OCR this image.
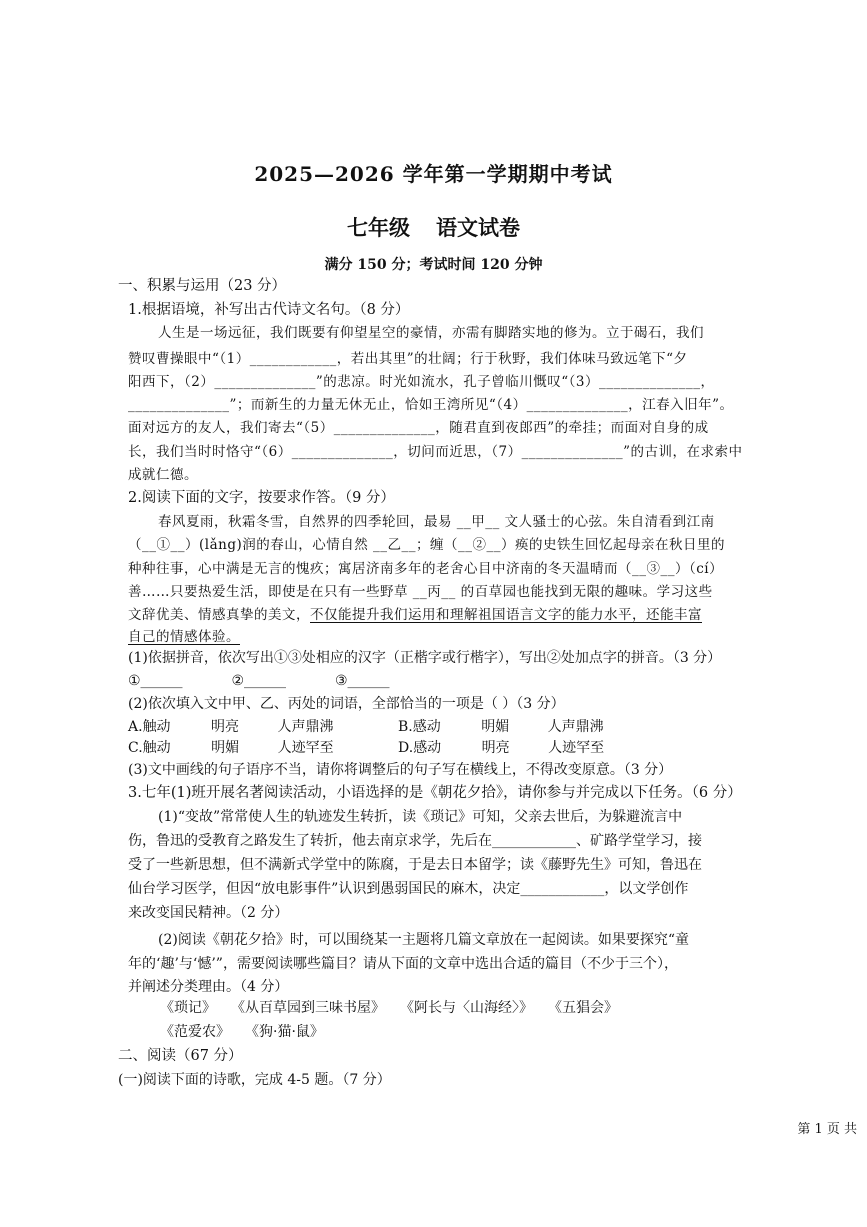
2025—2026 学年第一学期期中考试
七年级 语文试卷
满分 150 分；考试时间 120 分钟
一、积累与运用（23 分）
1.根据语境，补写出古代诗文名句。（8 分）
人生是一场远征，我们既要有仰望星空的豪情，亦需有脚踏实地的修为。立于碣石，我们
赞叹曹操眼中“（1）____________，若出其里”的壮阔；行于秋野，我们体味马致远笔下“夕
阳西下，（2）______________”的悲凉。时光如流水，孔子曾临川慨叹“（3）______________，
______________”；而新生的力量无休无止，恰如王湾所见“（4）______________，江春入旧年”。
面对远方的友人，我们寄去“（5）______________，随君直到夜郎西”的牵挂；而面对自身的成
长，我们当时时恪守“（6）______________，切问而近思，（7）______________”的古训，在求索中
成就仁德。
2.阅读下面的文字，按要求作答。（9 分）
春风夏雨，秋霜冬雪，自然界的四季轮回，最易 __甲__ 文人骚士的心弦。朱自清看到江南
（__①__）(lǎng)润的春山，心情自然 __乙__；缠（__②__）痪的史铁生回忆起母亲在秋日里的
种种往事，心中满是无言的愧疚；寓居济南多年的老舍心目中济南的冬天温晴而（__③__）（cí）
善……只要热爱生活，即使是在只有一些野草 __丙__ 的百草园也能找到无限的趣味。学习这些
文辞优美、情感真挚的美文，不仅能提升我们运用和理解祖国语言文字的能力水平，还能丰富
自己的情感体验。
(1)依据拼音，依次写出①③处相应的汉字（正楷字或行楷字），写出②处加点字的拼音。（3 分）
①______	②______	③______
(2)依次填入文中甲、乙、丙处的词语，全部恰当的一项是（ ）（3 分）
A.触动	明亮	人声鼎沸	B.感动	明媚	人声鼎沸
C.触动	明媚	人迹罕至	D.感动	明亮	人迹罕至
(3)文中画线的句子语序不当，请你将调整后的句子写在横线上，不得改变原意。（3 分）
3.七年(1)班开展名著阅读活动，小语选择的是《朝花夕拾》，请你参与并完成以下任务。（6 分）
(1)“变故”常常使人生的轨迹发生转折，读《琐记》可知，父亲去世后，为躲避流言中
伤，鲁迅的受教育之路发生了转折，他去南京求学，先后在____________、矿路学堂学习，接
受了一些新思想，但不满新式学堂中的陈腐，于是去日本留学；读《藤野先生》可知，鲁迅在
仙台学习医学，但因“放电影事件”认识到愚弱国民的麻木，决定____________，以文学创作
来改变国民精神。（2 分）
(2)阅读《朝花夕拾》时，可以围绕某一主题将几篇文章放在一起阅读。如果要探究“童
年的‘趣’与‘憾’”，需要阅读哪些篇目？请从下面的文章中选出合适的篇目（不少于三个），
并阐述分类理由。（4 分）
《琐记》 《从百草园到三味书屋》 《阿长与〈山海经〉》 《五猖会》
《范爱农》 《狗·猫·鼠》
二、阅读（67 分）
(一)阅读下面的诗歌，完成 4-5 题。（7 分）
第 1 页 共
